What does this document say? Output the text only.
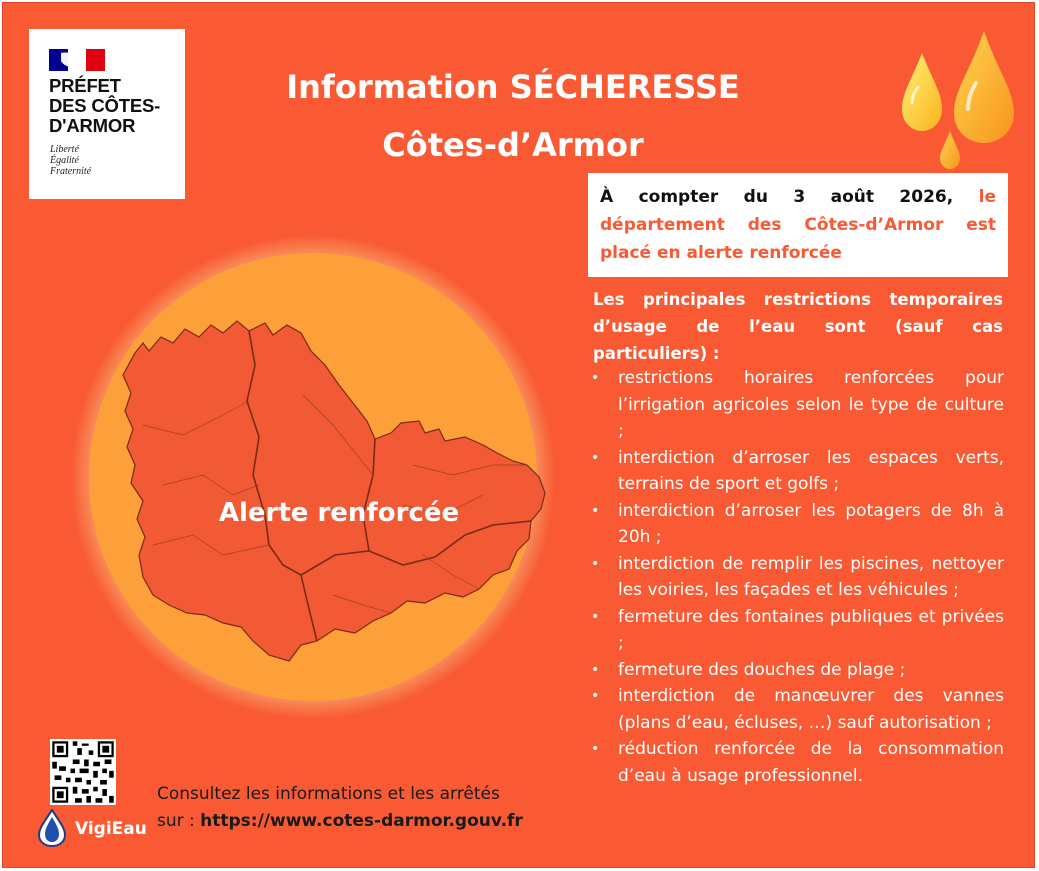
PRÉFET
DES CÔTES-
D'ARMOR
Liberté
Égalité
Fraternité
Information SÉCHERESSE
Côtes-d’Armor
À compter du 3 août 2026, le département des Côtes-d’Armor est placé en alerte renforcée
Les principales restrictions temporaires d’usage de l’eau sont (sauf cas particuliers) :
• restrictions horaires renforcées pour l’irrigation agricoles selon le type de culture ;
• interdiction d’arroser les espaces verts, terrains de sport et golfs ;
• interdiction d’arroser les potagers de 8h à 20h ;
• interdiction de remplir les piscines, nettoyer les voiries, les façades et les véhicules ;
• fermeture des fontaines publiques et privées ;
• fermeture des douches de plage ;
• interdiction de manœuvrer des vannes (plans d’eau, écluses, …) sauf autorisation ;
• réduction renforcée de la consommation d’eau à usage professionnel.
Alerte renforcée
VigiEau
Consultez les informations et les arrêtés
sur : https://www.cotes-darmor.gouv.fr
